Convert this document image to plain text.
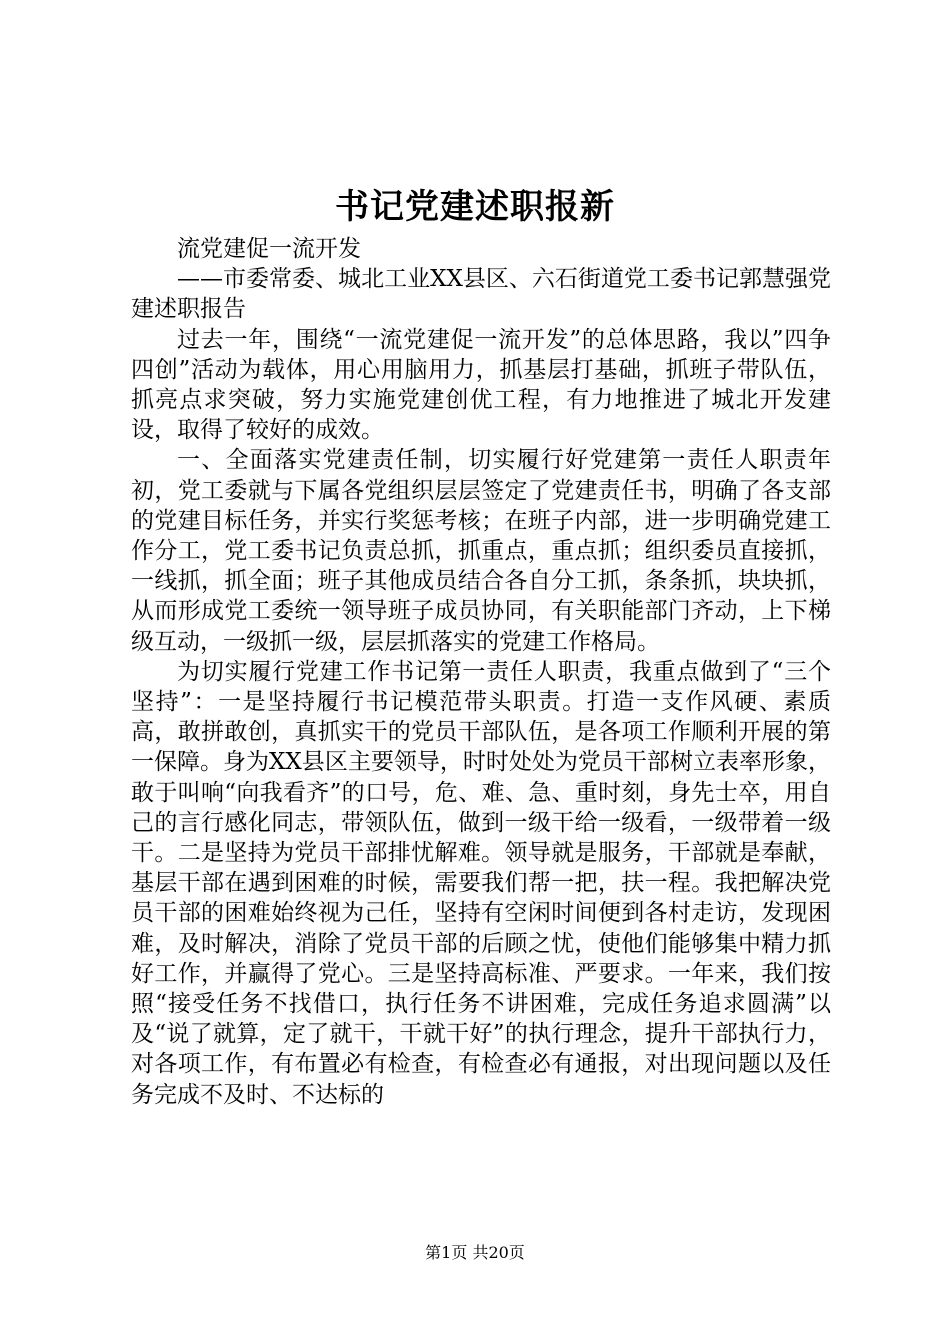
书记党建述职报新

流党建促一流开发

——市委常委、城北工业XX县区、六石街道党工委书记郭慧强党建述职报告

过去一年，围绕“一流党建促一流开发”的总体思路，我以”四争四创”活动为载体，用心用脑用力，抓基层打基础，抓班子带队伍，抓亮点求突破，努力实施党建创优工程，有力地推进了城北开发建设，取得了较好的成效。

一、全面落实党建责任制，切实履行好党建第一责任人职责年初，党工委就与下属各党组织层层签定了党建责任书，明确了各支部的党建目标任务，并实行奖惩考核；在班子内部，进一步明确党建工作分工，党工委书记负责总抓，抓重点，重点抓；组织委员直接抓，一线抓，抓全面；班子其他成员结合各自分工抓，条条抓，块块抓，从而形成党工委统一领导班子成员协同，有关职能部门齐动，上下梯级互动，一级抓一级，层层抓落实的党建工作格局。

为切实履行党建工作书记第一责任人职责，我重点做到了“三个坚持”：一是坚持履行书记模范带头职责。打造一支作风硬、素质高，敢拼敢创，真抓实干的党员干部队伍，是各项工作顺利开展的第一保障。身为XX县区主要领导，时时处处为党员干部树立表率形象，敢于叫响“向我看齐”的口号，危、难、急、重时刻，身先士卒，用自己的言行感化同志，带领队伍，做到一级干给一级看，一级带着一级干。二是坚持为党员干部排忧解难。领导就是服务，干部就是奉献，基层干部在遇到困难的时候，需要我们帮一把，扶一程。我把解决党员干部的困难始终视为己任，坚持有空闲时间便到各村走访，发现困难，及时解决，消除了党员干部的后顾之忧，使他们能够集中精力抓好工作，并赢得了党心。三是坚持高标准、严要求。一年来，我们按照“接受任务不找借口，执行任务不讲困难，完成任务追求圆满”以及“说了就算，定了就干，干就干好”的执行理念，提升干部执行力，对各项工作，有布置必有检查，有检查必有通报，对出现问题以及任务完成不及时、不达标的

第1页 共20页
